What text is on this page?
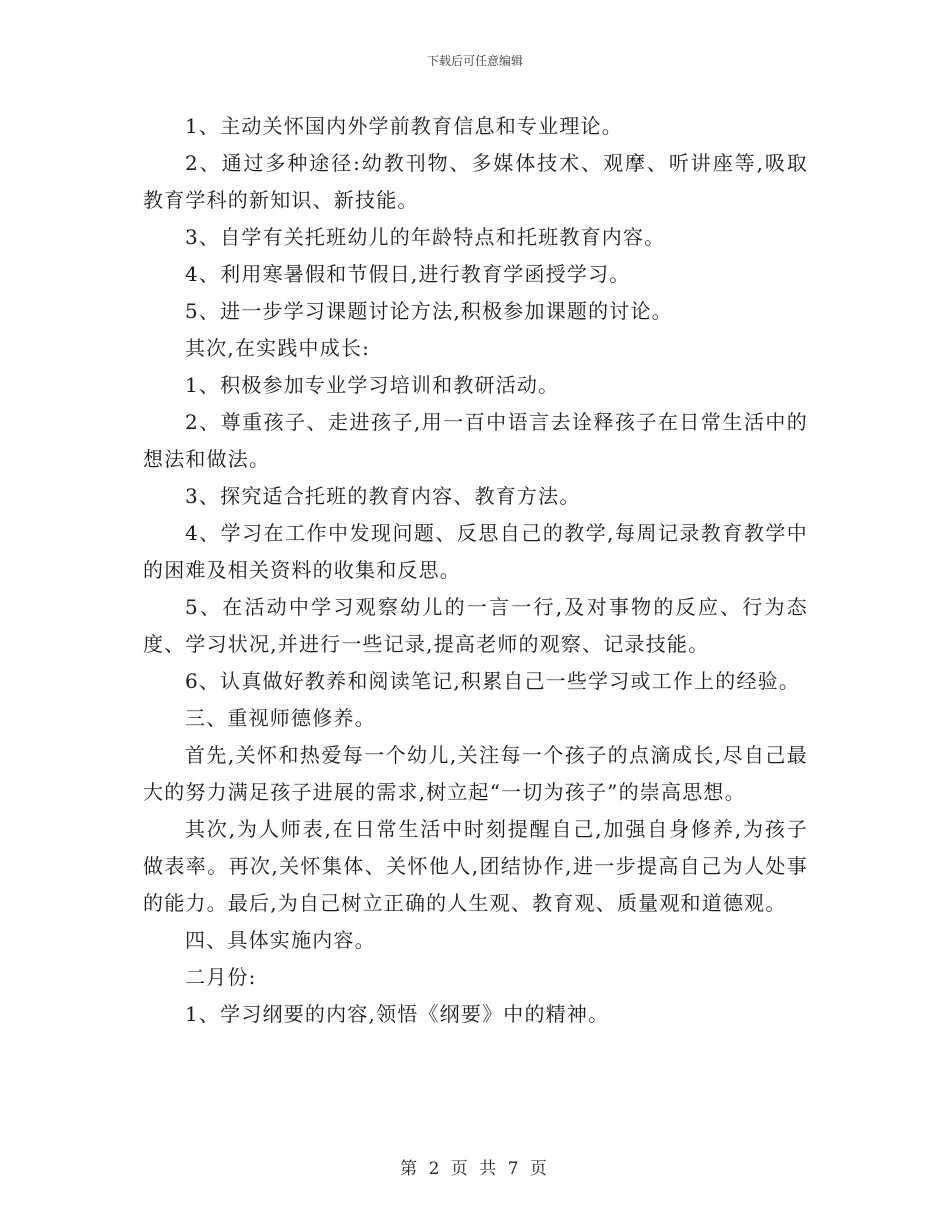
下载后可任意编辑

1、主动关怀国内外学前教育信息和专业理论。

2、通过多种途径:幼教刊物、多媒体技术、观摩、听讲座等,吸取教育学科的新知识、新技能。

3、自学有关托班幼儿的年龄特点和托班教育内容。

4、利用寒暑假和节假日,进行教育学函授学习。

5、进一步学习课题讨论方法,积极参加课题的讨论。

其次,在实践中成长:

1、积极参加专业学习培训和教研活动。

2、尊重孩子、走进孩子,用一百中语言去诠释孩子在日常生活中的想法和做法。

3、探究适合托班的教育内容、教育方法。

4、学习在工作中发现问题、反思自己的教学,每周记录教育教学中的困难及相关资料的收集和反思。

5、在活动中学习观察幼儿的一言一行,及对事物的反应、行为态度、学习状况,并进行一些记录,提高老师的观察、记录技能。

6、认真做好教养和阅读笔记,积累自己一些学习或工作上的经验。

三、重视师德修养。

首先,关怀和热爱每一个幼儿,关注每一个孩子的点滴成长,尽自己最大的努力满足孩子进展的需求,树立起“一切为孩子”的崇高思想。

其次,为人师表,在日常生活中时刻提醒自己,加强自身修养,为孩子做表率。再次,关怀集体、关怀他人,团结协作,进一步提高自己为人处事的能力。最后,为自己树立正确的人生观、教育观、质量观和道德观。

四、具体实施内容。

二月份:

1、学习纲要的内容,领悟《纲要》中的精神。

第 2 页 共 7 页
